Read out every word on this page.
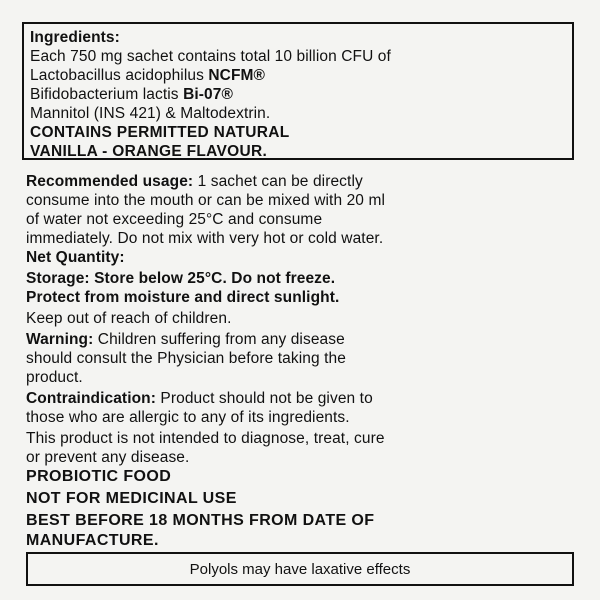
Ingredients:
Each 750 mg sachet contains total 10 billion CFU of
Lactobacillus acidophilus NCFM®
Bifidobacterium lactis Bi-07®
Mannitol (INS 421) & Maltodextrin.
CONTAINS PERMITTED NATURAL
VANILLA - ORANGE FLAVOUR.
Recommended usage: 1 sachet can be directly
consume into the mouth or can be mixed with 20 ml
of water not exceeding 25°C and consume
immediately. Do not mix with very hot or cold water.
Net Quantity:
Storage: Store below 25°C. Do not freeze.
Protect from moisture and direct sunlight.
Keep out of reach of children.
Warning: Children suffering from any disease
should consult the Physician before taking the
product.
Contraindication: Product should not be given to
those who are allergic to any of its ingredients.
This product is not intended to diagnose, treat, cure
or prevent any disease.
PROBIOTIC FOOD
NOT FOR MEDICINAL USE
BEST BEFORE 18 MONTHS FROM DATE OF
MANUFACTURE.
Polyols may have laxative effects
